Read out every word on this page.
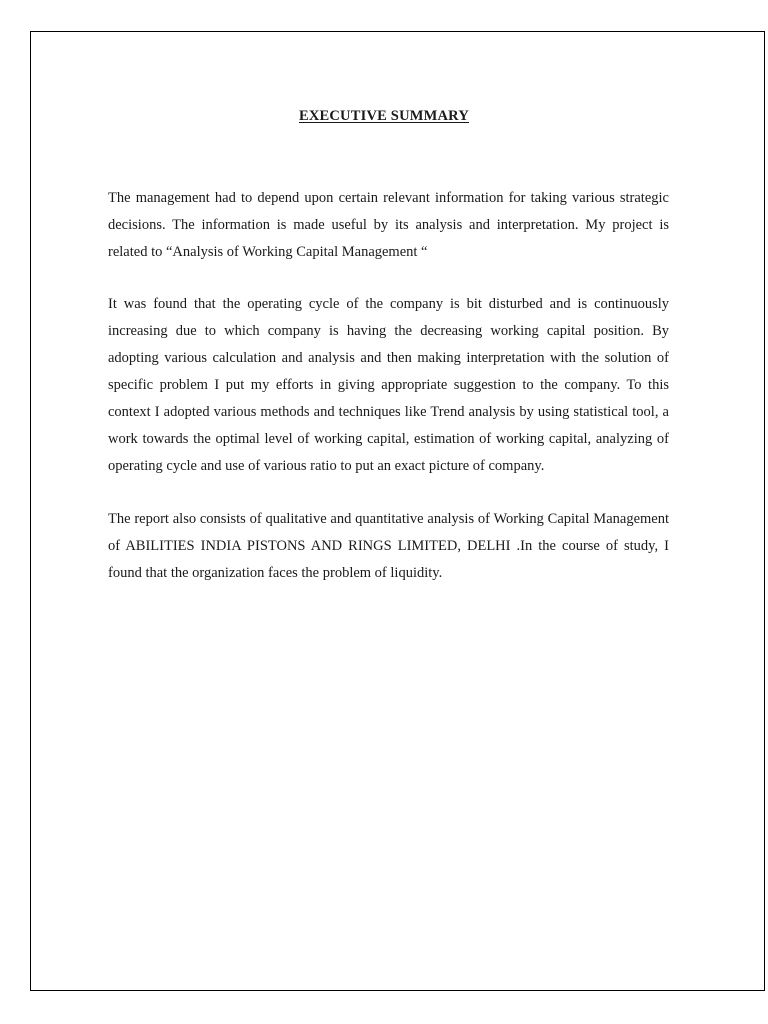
EXECUTIVE SUMMARY

The management had to depend upon certain relevant information for taking various strategic decisions. The information is made useful by its analysis and interpretation. My project is related to “Analysis of Working Capital Management “

It was found that the operating cycle of the company is bit disturbed and is continuously increasing due to which company is having the decreasing working capital position. By adopting various calculation and analysis and then making interpretation with the solution of specific problem I put my efforts in giving appropriate suggestion to the company. To this context I adopted various methods and techniques like Trend analysis by using statistical tool, a work towards the optimal level of working capital, estimation of working capital, analyzing of operating cycle and use of various ratio to put an exact picture of company.

The report also consists of qualitative and quantitative analysis of Working Capital Management of ABILITIES INDIA PISTONS AND RINGS LIMITED, DELHI .In the course of study, I found that the organization faces the problem of liquidity.
